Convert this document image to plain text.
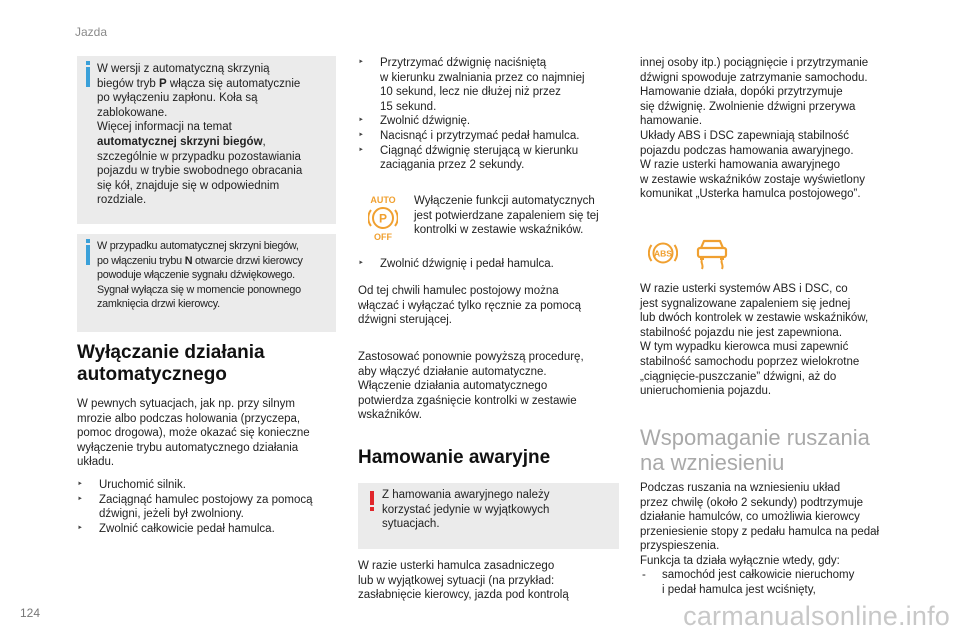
Jazda
124	carmanualsonline.info

W wersji z automatyczną skrzynią

biegów tryb P włącza się automatycznie

po wyłączeniu zapłonu. Koła są

zablokowane.

Więcej informacji na temat

automatycznej skrzyni biegów,

szczególnie w przypadku pozostawiania

pojazdu w trybie swobodnego obracania

się kół, znajduje się w odpowiednim

rozdziale.

W przypadku automatycznej skrzyni biegów,

po włączeniu trybu N otwarcie drzwi kierowcy

powoduje włączenie sygnału dźwiękowego.

Sygnał wyłącza się w momencie ponownego

zamknięcia drzwi kierowcy.

Wyłączanie działania
automatycznego

W pewnych sytuacjach, jak np. przy silnym

mrozie albo podczas holowania (przyczepa,

pomoc drogowa), może okazać się konieczne

wyłączenie trybu automatycznego działania

układu.

‣ Uruchomić silnik.
‣ Zaciągnąć hamulec postojowy za pomocą
dźwigni, jeżeli był zwolniony.
‣ Zwolnić całkowicie pedał hamulca.
‣ Przytrzymać dźwignię naciśniętą
w kierunku zwalniania przez co najmniej
10 sekund, lecz nie dłużej niż przez
15 sekund.
‣ Zwolnić dźwignię.
‣ Nacisnąć i przytrzymać pedał hamulca.
‣ Ciągnąć dźwignię sterującą w kierunku
zaciągania przez 2 sekundy.
AUTO
P
OFF

Wyłączenie funkcji automatycznych

jest potwierdzane zapaleniem się tej

kontrolki w zestawie wskaźników.

‣ Zwolnić dźwignię i pedał hamulca.

Od tej chwili hamulec postojowy można

włączać i wyłączać tylko ręcznie za pomocą

dźwigni sterującej.

Zastosować ponownie powyższą procedurę,

aby włączyć działanie automatyczne.

Włączenie działania automatycznego

potwierdza zgaśnięcie kontrolki w zestawie

wskaźników.

Hamowanie awaryjne

Z hamowania awaryjnego należy

korzystać jedynie w wyjątkowych

sytuacjach.

W razie usterki hamulca zasadniczego

lub w wyjątkowej sytuacji (na przykład:

zasłabnięcie kierowcy, jazda pod kontrolą

innej osoby itp.) pociągnięcie i przytrzymanie

dźwigni spowoduje zatrzymanie samochodu.

Hamowanie działa, dopóki przytrzymuje

się dźwignię. Zwolnienie dźwigni przerywa

hamowanie.

Układy ABS i DSC zapewniają stabilność

pojazdu podczas hamowania awaryjnego.

W razie usterki hamowania awaryjnego

w zestawie wskaźników zostaje wyświetlony

komunikat „Usterka hamulca postojowego”.

ABS

W razie usterki systemów ABS i DSC, co

jest sygnalizowane zapaleniem się jednej

lub dwóch kontrolek w zestawie wskaźników,

stabilność pojazdu nie jest zapewniona.

W tym wypadku kierowca musi zapewnić

stabilność samochodu poprzez wielokrotne

„ciągnięcie-puszczanie” dźwigni, aż do

unieruchomienia pojazdu.

Wspomaganie ruszania
na wzniesieniu

Podczas ruszania na wzniesieniu układ

przez chwilę (około 2 sekundy) podtrzymuje

działanie hamulców, co umożliwia kierowcy

przeniesienie stopy z pedału hamulca na pedał

przyspieszenia.

Funkcja ta działa wyłącznie wtedy, gdy:

- samochód jest całkowicie nieruchomy
i pedał hamulca jest wciśnięty,
